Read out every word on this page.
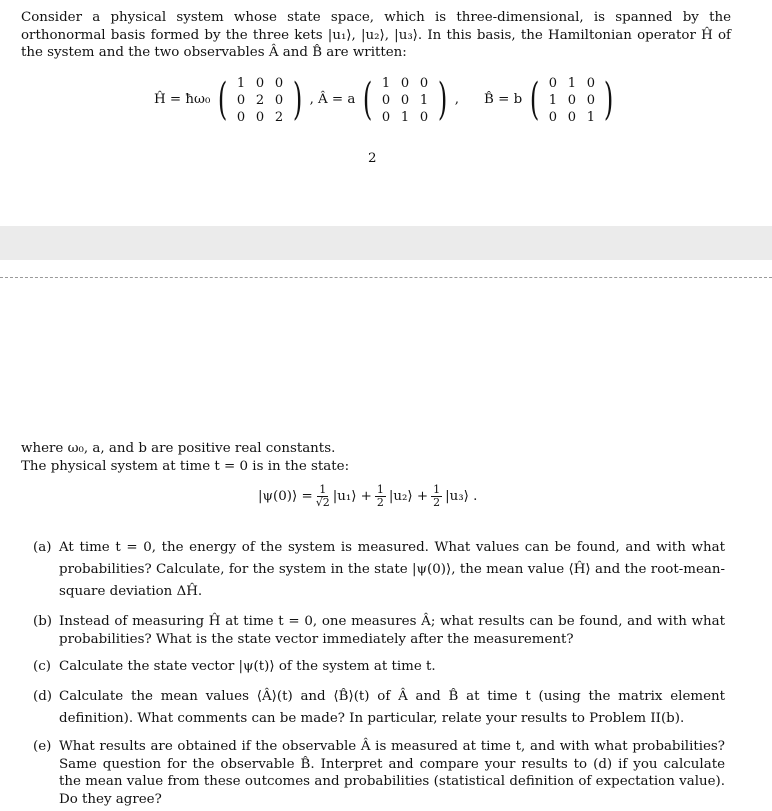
Consider a physical system whose state space, which is three-dimensional, is spanned by the orthonormal basis formed by the three kets |u₁⟩, |u₂⟩, |u₃⟩. In this basis, the Hamiltonian operator Ĥ of the system and the two observables Â and B̂ are written:
Ĥ = ħω₀ ( 1 0 0
0 2 0
0 0 2 ) , Â = a ( 1 0 0
0 0 1
0 1 0 ) , B̂ = b ( 0 1 0
1 0 0
0 0 1 )
2
where ω₀, a, and b are positive real constants.
The physical system at time t = 0 is in the state:
|ψ(0)⟩ = $\frac{1}{√2}$ |u₁⟩ + $\frac{1}{2}$ |u₂⟩ + $\frac{1}{2}$ |u₃⟩ .
(a) At time t = 0, the energy of the system is measured. What values can be found, and with what probabilities? Calculate, for the system in the state |ψ(0)⟩, the mean value ⟨Ĥ⟩ and the root-mean-square deviation ΔĤ.
(b) Instead of measuring Ĥ at time t = 0, one measures Â; what results can be found, and with what probabilities? What is the state vector immediately after the measurement?
(c) Calculate the state vector |ψ(t)⟩ of the system at time t.
(d) Calculate the mean values ⟨Â⟩(t) and ⟨B̂⟩(t) of Â and B̂ at time t (using the matrix element definition). What comments can be made? In particular, relate your results to Problem II(b).
(e) What results are obtained if the observable Â is measured at time t, and with what probabilities? Same question for the observable B̂. Interpret and compare your results to (d) if you calculate the mean value from these outcomes and probabilities (statistical definition of expectation value). Do they agree?
